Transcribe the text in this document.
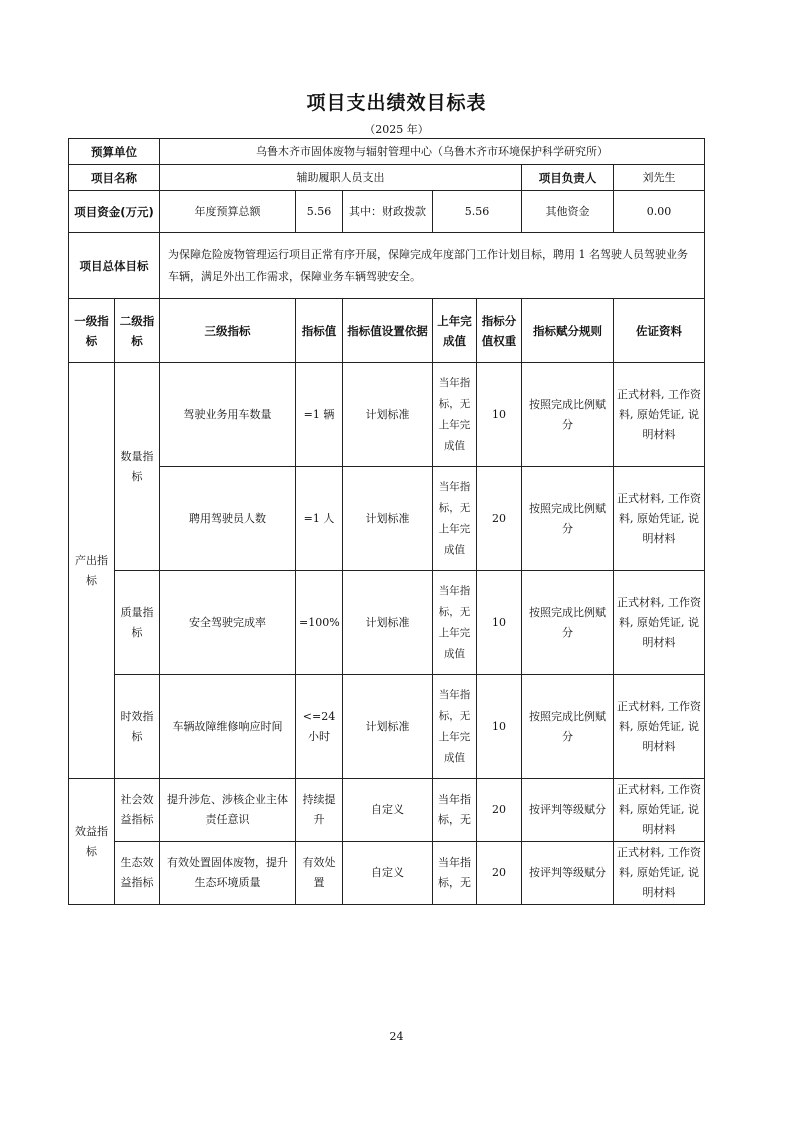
项目支出绩效目标表
（2025 年）
预算单位		乌鲁木齐市固体废物与辐射管理中心（乌鲁木齐市环境保护科学研究所）						
项目名称		辅助履职人员支出					项目负责人	刘先生
项目资金(万元)		年度预算总额	5.56	其中：财政拨款	5.56		其他资金	0.00
项目总体目标		为保障危险废物管理运行项目正常有序开展，保障完成年度部门工作计划目标，聘用 1 名驾驶人员驾驶业务车辆，满足外出工作需求，保障业务车辆驾驶安全。						
一级指标	二级指标	三级指标	指标值	指标值设置依据	上年完成值	指标分值权重	指标赋分规则	佐证资料
产出指标	数量指标	驾驶业务用车数量	=1 辆	计划标准	当年指标，无上年完成值	10	按照完成比例赋分	正式材料, 工作资料, 原始凭证, 说明材料
		聘用驾驶员人数	=1 人	计划标准	当年指标，无上年完成值	20	按照完成比例赋分	正式材料, 工作资料, 原始凭证, 说明材料
	质量指标	安全驾驶完成率	=100%	计划标准	当年指标，无上年完成值	10	按照完成比例赋分	正式材料, 工作资料, 原始凭证, 说明材料
	时效指标	车辆故障维修响应时间	<=24 小时	计划标准	当年指标，无上年完成值	10	按照完成比例赋分	正式材料, 工作资料, 原始凭证, 说明材料
效益指标	社会效益指标	提升涉危、涉核企业主体责任意识	持续提升	自定义	当年指标，无	20	按评判等级赋分	正式材料, 工作资料, 原始凭证, 说明材料
	生态效益指标	有效处置固体废物，提升生态环境质量	有效处置	自定义	当年指标，无	20	按评判等级赋分	正式材料, 工作资料, 原始凭证, 说明材料
24
